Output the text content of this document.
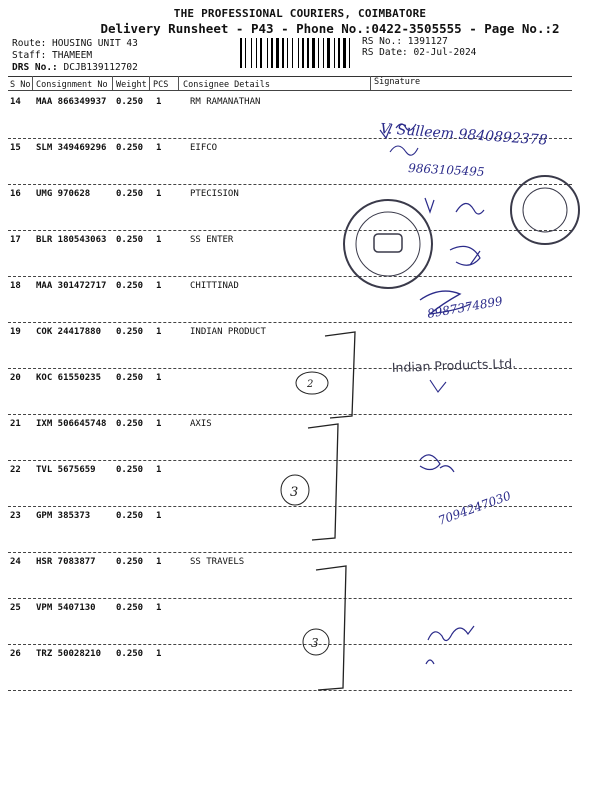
THE PROFESSIONAL COURIERS, COIMBATORE
Delivery Runsheet - P43 - Phone No.:0422-3505555 - Page No.:2
Route: HOUSING UNIT 43
Staff: THAMEEM
DRS No.: DCJB139112702
RS No.: 1391127
RS Date: 02-Jul-2024
S No Consignment No Weight PCS Consignee Details	Signature
14 MAA 866349937 0.250 1	RM RAMANATHAN
15 SLM 349469296 0.250 1	EIFCO
16 UMG 970628	0.250 1	PTECISION
17 BLR 180543063 0.250 1	SS ENTER
18 MAA 301472717 0.250 1	CHITTINAD
19 COK 24417880 0.250 1	INDIAN PRODUCT
20 KOC 61550235 0.250 1
21 IXM 506645748 0.250 1	AXIS
22 TVL 5675659 0.250 1
23 GPM 385373	0.250 1
24 HSR 7083877 0.250 1	SS TRAVELS
25 VPM 5407130 0.250 1
26 TRZ 50028210 0.250 1
V. Sulleem 9840892378
9863105495
8987374899
Indian Products Ltd.
2
3	7094247030
3
